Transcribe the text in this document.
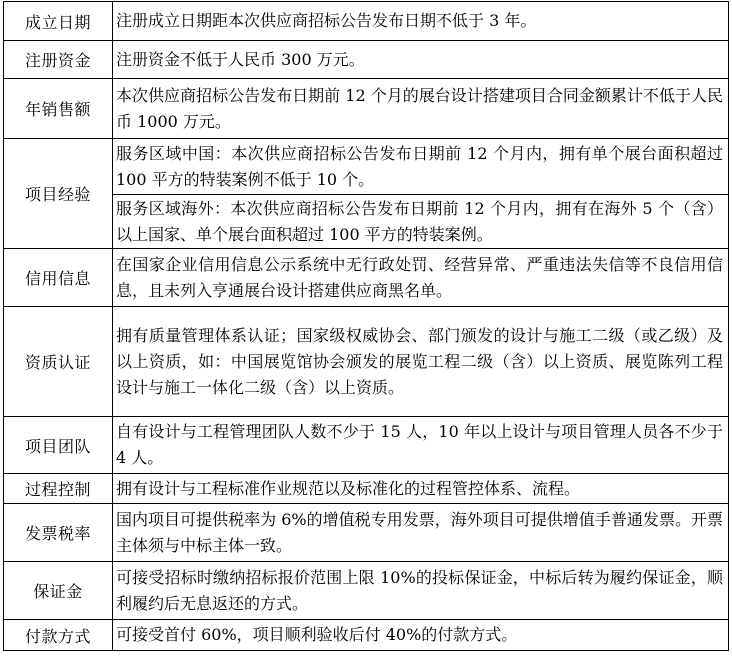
成立日期	注册成立日期距本次供应商招标公告发布日期不低于 3 年。

注册资金	注册资金不低于人民币 300 万元。

年销售额	本次供应商招标公告发布日期前 12 个月的展台设计搭建项目合同金额累计不低于人民币 1000 万元。

项目经验	服务区域中国：本次供应商招标公告发布日期前 12 个月内，拥有单个展台面积超过 100 平方的特装案例不低于 10 个。

	服务区域海外：本次供应商招标公告发布日期前 12 个月内，拥有在海外 5 个（含）以上国家、单个展台面积超过 100 平方的特装案例。

信用信息	在国家企业信用信息公示系统中无行政处罚、经营异常、严重违法失信等不良信用信息，且未列入亨通展台设计搭建供应商黑名单。

资质认证	拥有质量管理体系认证；国家级权威协会、部门颁发的设计与施工二级（或乙级）及以上资质，如：中国展览馆协会颁发的展览工程二级（含）以上资质、展览陈列工程设计与施工一体化二级（含）以上资质。

项目团队	自有设计与工程管理团队人数不少于 15 人，10 年以上设计与项目管理人员各不少于 4 人。

过程控制	拥有设计与工程标准作业规范以及标准化的过程管控体系、流程。

发票税率	国内项目可提供税率为 6%的增值税专用发票，海外项目可提供增值手普通发票。开票主体须与中标主体一致。

保证金	可接受招标时缴纳招标报价范围上限 10%的投标保证金，中标后转为履约保证金，顺利履约后无息返还的方式。

付款方式	可接受首付 60%，项目顺利验收后付 40%的付款方式。
